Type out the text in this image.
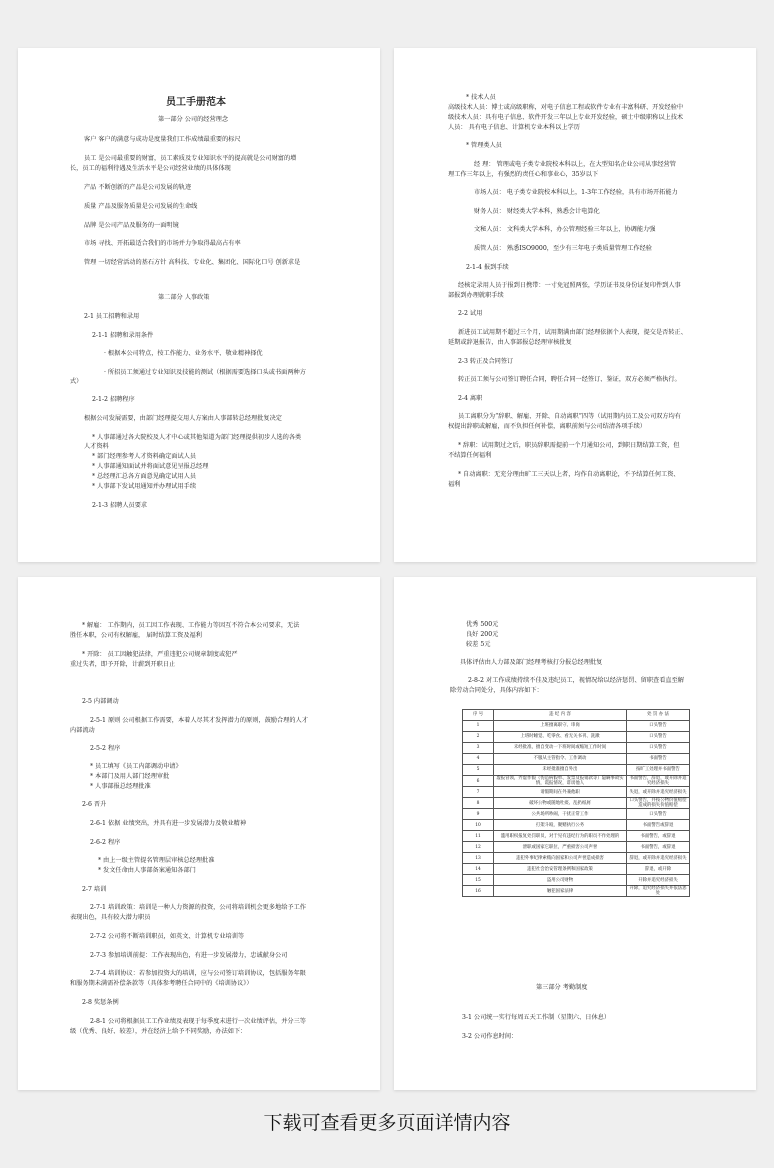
员工手册范本
第一部分 公司的经营理念
客户 客户的满意与成功是度量我们工作成绩最重要的标尺
员工 是公司最重要的财富，员工素质及专业知识水平的提高就是公司财富的增
长，员工的福利待遇及生活水平是公司经营业绩的具体体现
产品 不断创新的产品是公司发展的轨迹
质量 产品及服务质量是公司发展的生命线
品牌 是公司产品及服务的一面明镜
市场 寻找、开拓最适合我们的市场并力争取得最高占有率
管理 一切经营活动的基石方针 高科技、专业化、集团化、国际化口号 创新求是
第二部分 人事政策
2-1 员工招聘和录用
2-1-1 招聘和录用条件
· 根据本公司特点，按工作能力、业务水平、敬业精神择优
· 所招员工须通过专业知识及技能的测试（根据需要选择口头或书面两种方
式）
2-1-2 招聘程序
根据公司发展需要，由部门经理提交用人方案由人事部转总经理批复决定
* 人事部通过各大院校及人才中心或其他渠道为部门经理提供初步人选的各类
人才资料
* 部门经理参考人才资料确定面试人员
* 人事部通知面试并将面试意见呈报总经理
* 总经理汇总各方面意见确定试用人员
* 人事部下发试用通知并办理试用手续
2-1-3 招聘人员要求
* 技术人员
高级技术人员：博士或高级职称，对电子信息工程或软件专业有丰富科研、开发经验中
级技术人员：具有电子信息、软件开发三年以上专业开发经验，硕士中级职称以上技术
人员： 具有电子信息、计算机专业本科以上学历
* 管理类人员
经 理： 管理或电子类专业院校本科以上，在大型知名企业公司从事经营管
理工作三年以上，有强烈的责任心和事业心，35岁以下
市场人员： 电子类专业院校本科以上，1-3年工作经验，具有市场开拓能力
财务人员： 财经类大学本科，熟悉会计电算化
文秘人员： 文科类大学本科，办公管理经验三年以上，协调能力强
质管人员： 熟悉ISO9000，至少有三年电子类质量管理工作经验
2-1-4 报到手续
经核定录用人员于报到日携带：一寸免冠照两张，学历证书及身份证复印件到人事
部报到办理就职手续
2-2 试用
新进员工试用期不超过三个月，试用期满由部门经理依据个人表现，提交是否转正、
延期或辞退报告，由人事部报总经理审核批复
2-3 转正及合同签订
转正员工须与公司签订聘任合同，聘任合同一经签订、鉴证，双方必须严格执行。
2-4 离职
员工离职分为“辞职、解雇、开除、自动离职”四等（试用期内员工及公司双方均有
权提出辞职或解雇，而不负担任何补偿，离职前须与公司结清各项手续）
* 辞职：试用期过之后，职员辞职需提前一个月通知公司，到职日期结算工资，但
不结算任何福利
* 自动离职：无充分理由旷工三天以上者，均作自动离职论，不予结算任何工资、
福利
* 解雇： 工作期内，员工因工作表现、工作能力等因互不符合本公司要求，无法
胜任本职，公司有权解雇， 届时结算工资及福利
* 开除： 员工因触犯法律，严重违犯公司规章制度或犯严
重过失者，即予开除，计薪到开职日止
2-5 内部调动
2-5-1 原则 公司根据工作需要，本着人尽其才发挥潜力的原则，鼓励合理的人才
内部流动
2-5-2 程序
* 员工填写《员工内部调动申请》
* 本部门及用人部门经理审批
* 人事部报总经理批准
2-6 晋升
2-6-1 依据 业绩突出，并具有进一步发展潜力及敬业精神
2-6-2 程序
* 由上一级主管提名管理层审核总经理批准
* 发文任命由人事部备案通知各部门
2-7 培训
2-7-1 培训政策：培训是一种人力资源的投资，公司将培训机会更多地给予工作
表现出色，具有较大潜力职员
2-7-2 公司将不断培训职员，如英文、计算机专业培训等
2-7-3 参加培训前提：工作表现出色，有进一步发展潜力，忠诚献身公司
2-7-4 培训协议：若参加投资大的培训，应与公司签订培训协议，包括服务年限
和服务期未满需补偿条款等（具体参考聘任合同中的《培训协议》）
2-8 奖惩条例
2-8-1 公司将根据员工工作业绩及表现于每季度末进行一次业绩评估，并分三等
级（优秀、良好、较差），并在经济上给予不同奖励，办法如下：
优秀 500元
良好 200元
较差 5元
具体评估由人力部及部门经理考核打分报总经理批复
2-8-2 对工作成绩持续不佳及违纪员工，视情况给以经济惩罚、留职查看直至解
除劳动合同处分，具体内容如下：
序 号	违 纪 内 容	处 罚 办 法
1	上班擅离职守、串岗	口头警告
2	上班时睡觉、吃零食、看无关书刊、洗漱	口头警告
3	未经批准，擅自变动一下班时间或缩短工作时间	口头警告
4	不服从主管指令、工作调动	书面警告
5	未经批准擅自外出	按旷工处理并书面警告
6	虚报冒领，弄虚作假（伪造病假单、发票及报销款等）隐瞒事故实情，谎报情况，诽谤他人	书面警告，辞退，或开除并追究经济损失
7	请假期间在外兼他职	失退，或开除并追究经济损失
8	破坏公物或随地吐痰、乱扔纸屑	口头警告，并按公物价值赔偿造成的损失价值赔偿
9	公共场所吵闹，干扰正常工作	口头警告
10	打架斗殴，聚赌执行公务	书面警告或辞退
11	滥用职权报复处罚职员，对于见有违纪行为的职员不作处理的	书面警告，或辞退
12	泄职或国家它职位，严重损害公司声誉	书面警告，或辞退
13	违犯外事纪律索贿向国家和公司声誉造成损害	辞退，或开除并追究经济损失
14	违犯社会治安管理条例和国家政策	辞退，或开除
15	盗用公司财物	开除并追究经济损失
16	触犯国家法律	开除，追究经济损失并依法惩处
第三部分 考勤制度
3-1 公司统一实行每周五天工作制（星期六、日休息）
3-2 公司作息时间：
下载可查看更多页面详情内容
